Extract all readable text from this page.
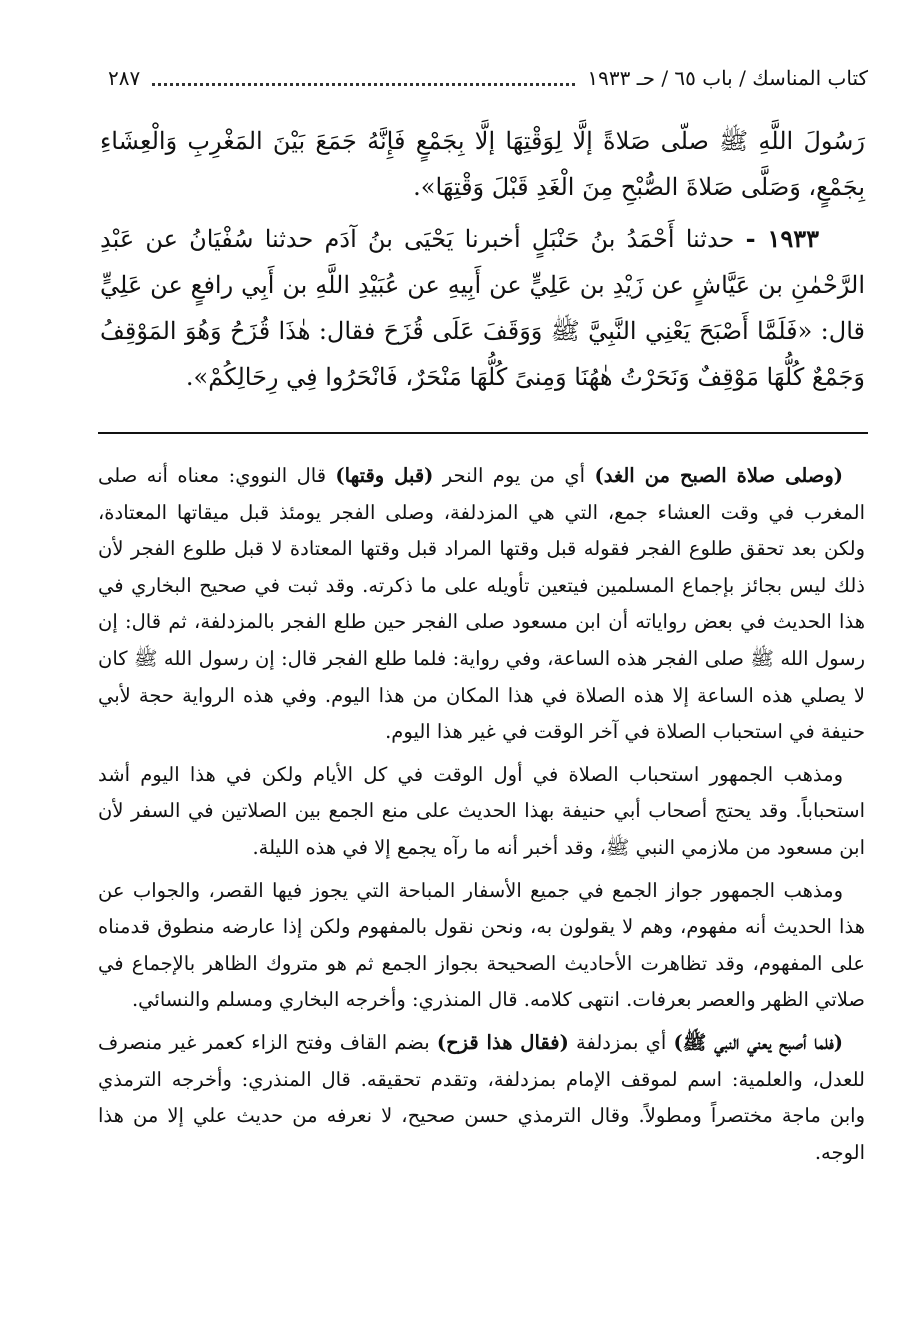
كتاب المناسك / باب ٦٥ / حـ ١٩٣٣
٢٨٧

رَسُولَ اللَّهِ ﷺ صلّى صَلاةً إلَّا لِوَقْتِهَا إلَّا بِجَمْعٍ فَإِنَّهُ جَمَعَ بَيْنَ المَغْرِبِ وَالْعِشَاءِ بِجَمْعٍ، وَصَلَّى صَلاةَ الصُّبْحِ مِنَ الْغَدِ قَبْلَ وَقْتِهَا».

١٩٣٣ - حدثنا أَحْمَدُ بنُ حَنْبَلٍ أخبرنا يَحْيَى بنُ آدَم حدثنا سُفْيَانُ عن عَبْدِ الرَّحْمٰنِ بن عَيَّاشٍ عن زَيْدِ بن عَلِيٍّ عن أَبِيهِ عن عُبَيْدِ اللَّهِ بن أَبِي رافعٍ عن عَلِيٍّ قال: «فَلَمَّا أَصْبَحَ يَعْنِي النَّبِيَّ ﷺ وَوَقَفَ عَلَى قُزَحَ فقال: هٰذَا قُزَحُ وَهُوَ المَوْقِفُ وَجَمْعٌ كُلُّهَا مَوْقِفٌ وَنَحَرْتُ هٰهُنَا وَمِنىً كُلُّهَا مَنْحَرٌ، فَانْحَرُوا فِي رِحَالِكُمْ».

(وصلى صلاة الصبح من الغد) أي من يوم النحر (قبل وقتها) قال النووي: معناه أنه صلى المغرب في وقت العشاء جمع، التي هي المزدلفة، وصلى الفجر يومئذ قبل ميقاتها المعتادة، ولكن بعد تحقق طلوع الفجر فقوله قبل وقتها المراد قبل وقتها المعتادة لا قبل طلوع الفجر لأن ذلك ليس بجائز بإجماع المسلمين فيتعين تأويله على ما ذكرته. وقد ثبت في صحيح البخاري في هذا الحديث في بعض رواياته أن ابن مسعود صلى الفجر حين طلع الفجر بالمزدلفة، ثم قال: إن رسول الله ﷺ صلى الفجر هذه الساعة، وفي رواية: فلما طلع الفجر قال: إن رسول الله ﷺ كان لا يصلي هذه الساعة إلا هذه الصلاة في هذا المكان من هذا اليوم. وفي هذه الرواية حجة لأبي حنيفة في استحباب الصلاة في آخر الوقت في غير هذا اليوم.

ومذهب الجمهور استحباب الصلاة في أول الوقت في كل الأيام ولكن في هذا اليوم أشد استحباباً. وقد يحتج أصحاب أبي حنيفة بهذا الحديث على منع الجمع بين الصلاتين في السفر لأن ابن مسعود من ملازمي النبي ﷺ، وقد أخبر أنه ما رآه يجمع إلا في هذه الليلة.

ومذهب الجمهور جواز الجمع في جميع الأسفار المباحة التي يجوز فيها القصر، والجواب عن هذا الحديث أنه مفهوم، وهم لا يقولون به، ونحن نقول بالمفهوم ولكن إذا عارضه منطوق قدمناه على المفهوم، وقد تظاهرت الأحاديث الصحيحة بجواز الجمع ثم هو متروك الظاهر بالإجماع في صلاتي الظهر والعصر بعرفات. انتهى كلامه. قال المنذري: وأخرجه البخاري ومسلم والنسائي.

(فلما أصبح يعني النبي ﷺ) أي بمزدلفة (فقال هذا قزح) بضم القاف وفتح الزاء كعمر غير منصرف للعدل، والعلمية: اسم لموقف الإمام بمزدلفة، وتقدم تحقيقه. قال المنذري: وأخرجه الترمذي وابن ماجة مختصراً ومطولاً. وقال الترمذي حسن صحيح، لا نعرفه من حديث علي إلا من هذا الوجه.
